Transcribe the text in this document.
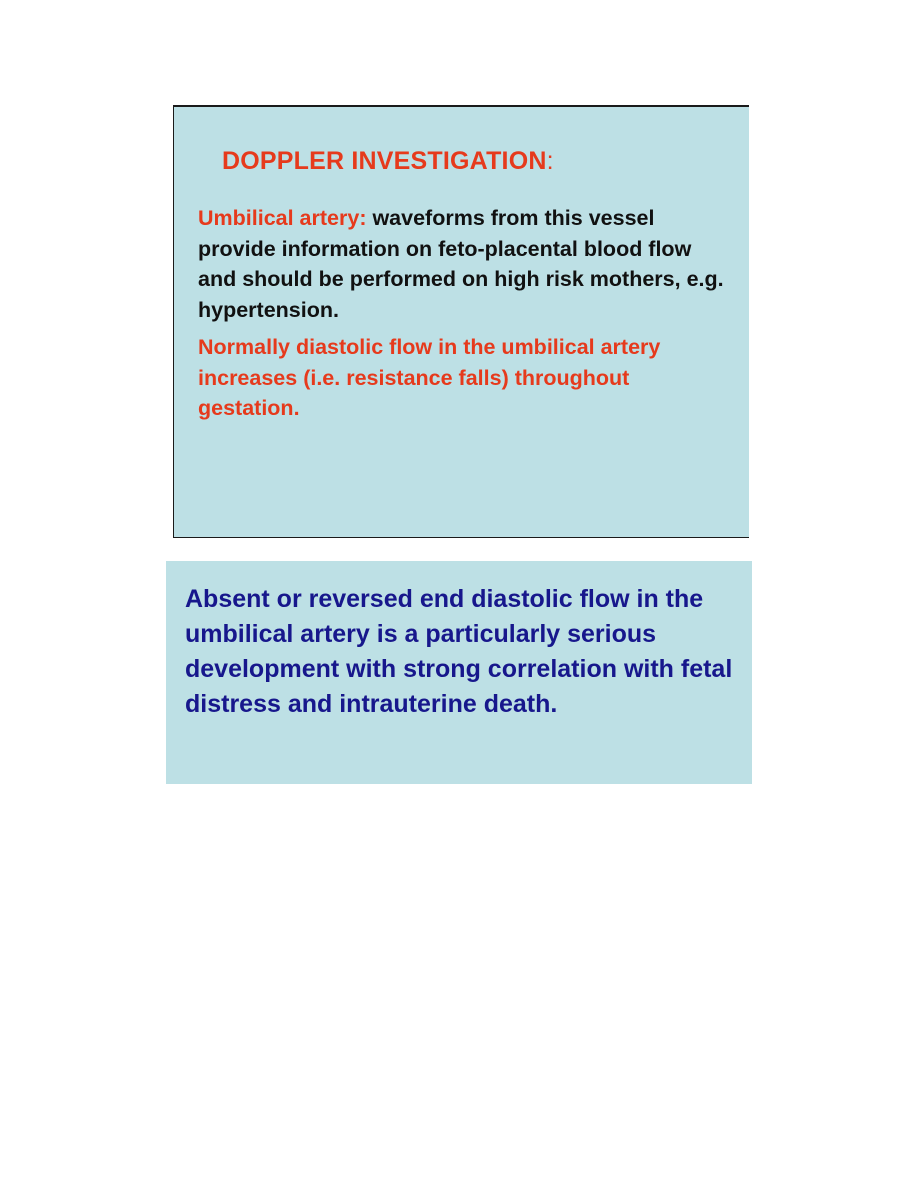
DOPPLER INVESTIGATION:

Umbilical artery: waveforms from this vessel provide information on feto-placental blood flow and should be performed on high risk mothers, e.g. hypertension.

Normally diastolic flow in the umbilical artery increases (i.e. resistance falls) throughout gestation.

Absent or reversed end diastolic flow in the umbilical artery is a particularly serious development with strong correlation with fetal distress and intrauterine death.
